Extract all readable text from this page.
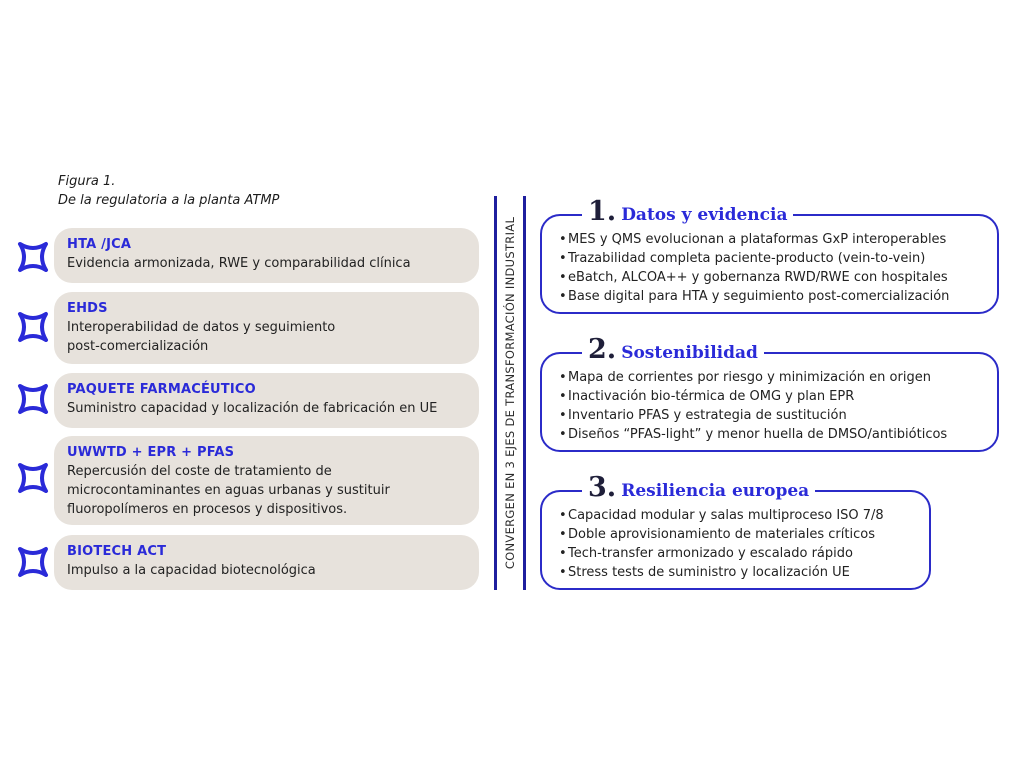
Figura 1.
De la regulatoria a la planta ATMP
HTA /JCA
Evidencia armonizada, RWE y comparabilidad clínica
EHDS
Interoperabilidad de datos y seguimiento post-comercialización
PAQUETE FARMACÉUTICO
Suministro capacidad y localización de fabricación en UE
UWWTD + EPR + PFAS
Repercusión del coste de tratamiento de microcontaminantes en aguas urbanas y sustituir fluoropolímeros en procesos y dispositivos.
BIOTECH ACT
Impulso a la capacidad biotecnológica
CONVERGEN EN 3 EJES DE TRANSFORMACIÓN INDUSTRIAL
1. Datos y evidencia
•MES y QMS evolucionan a plataformas GxP interoperables
•Trazabilidad completa paciente-producto (vein-to-vein)
•eBatch, ALCOA++ y gobernanza RWD/RWE con hospitales
•Base digital para HTA y seguimiento post-comercialización
2. Sostenibilidad
•Mapa de corrientes por riesgo y minimización en origen
•Inactivación bio-térmica de OMG y plan EPR
•Inventario PFAS y estrategia de sustitución
•Diseños “PFAS-light” y menor huella de DMSO/antibióticos
3. Resiliencia europea
•Capacidad modular y salas multiproceso ISO 7/8
•Doble aprovisionamiento de materiales críticos
•Tech-transfer armonizado y escalado rápido
•Stress tests de suministro y localización UE
